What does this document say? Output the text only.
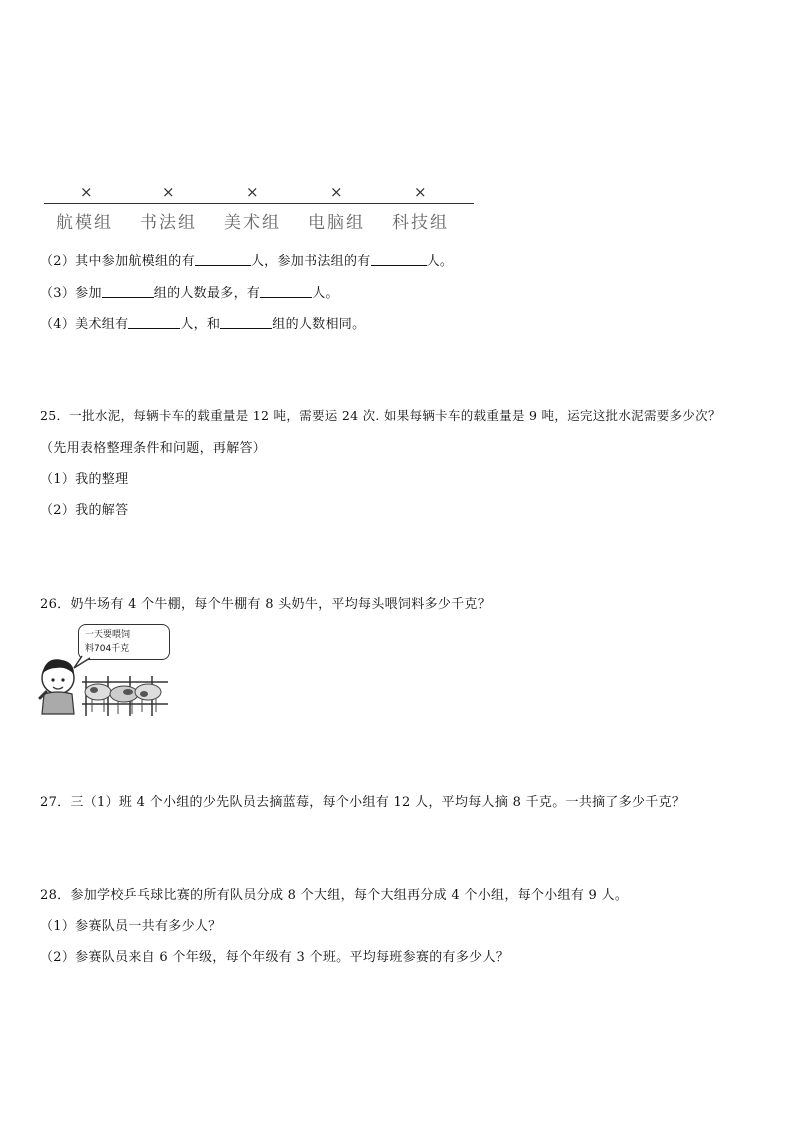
×	×	×	×	×
航模组 书法组 美术组 电脑组 科技组
（2）其中参加航模组的有	人，参加书法组的有	人。
（3）参加	组的人数最多，有	人。
（4）美术组有	人，和	组的人数相同。
25．一批水泥，每辆卡车的载重量是 12 吨，需要运 24 次. 如果每辆卡车的载重量是 9 吨，运完这批水泥需要多少次？
（先用表格整理条件和问题，再解答）
（1）我的整理
（2）我的解答
26．奶牛场有 4 个牛棚，每个牛棚有 8 头奶牛，平均每头喂饲料多少千克？
一天要喂饲
料704千克
27．三（1）班 4 个小组的少先队员去摘蓝莓，每个小组有 12 人，平均每人摘 8 千克。一共摘了多少千克？
28．参加学校乒乓球比赛的所有队员分成 8 个大组，每个大组再分成 4 个小组，每个小组有 9 人。
（1）参赛队员一共有多少人？
（2）参赛队员来自 6 个年级，每个年级有 3 个班。平均每班参赛的有多少人？
